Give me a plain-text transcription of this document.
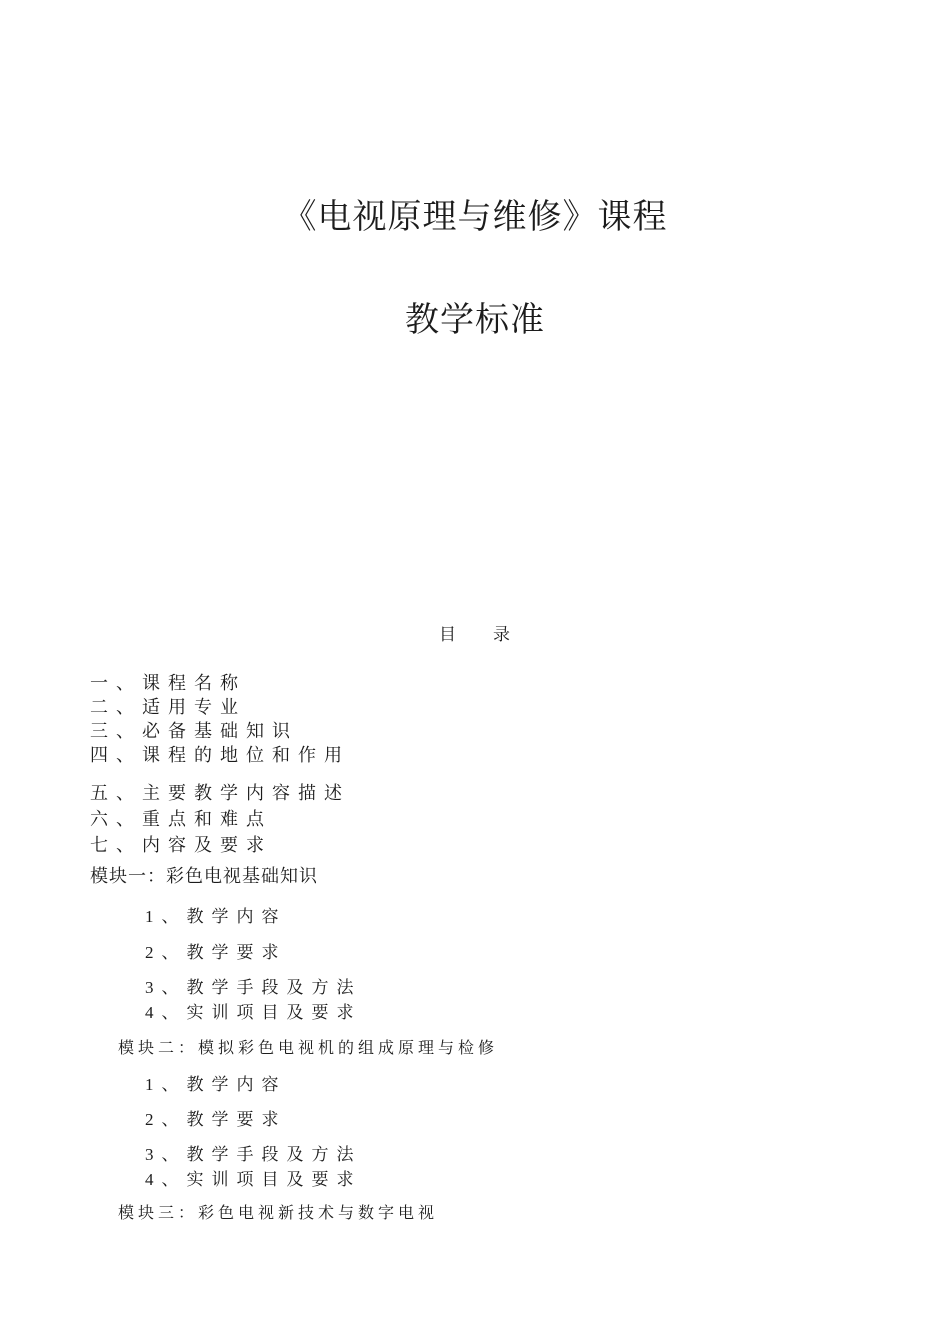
《电视原理与维修》课程
教学标准
目　　录
一、课程名称
二、适用专业
三、必备基础知识
四、课程的地位和作用
五、主要教学内容描述
六、重点和难点
七、内容及要求
模块一：彩色电视基础知识
1、教学内容
2、教学要求
3、教学手段及方法
4、实训项目及要求
模块二：模拟彩色电视机的组成原理与检修
1、教学内容
2、教学要求
3、教学手段及方法
4、实训项目及要求
模块三：彩色电视新技术与数字电视
